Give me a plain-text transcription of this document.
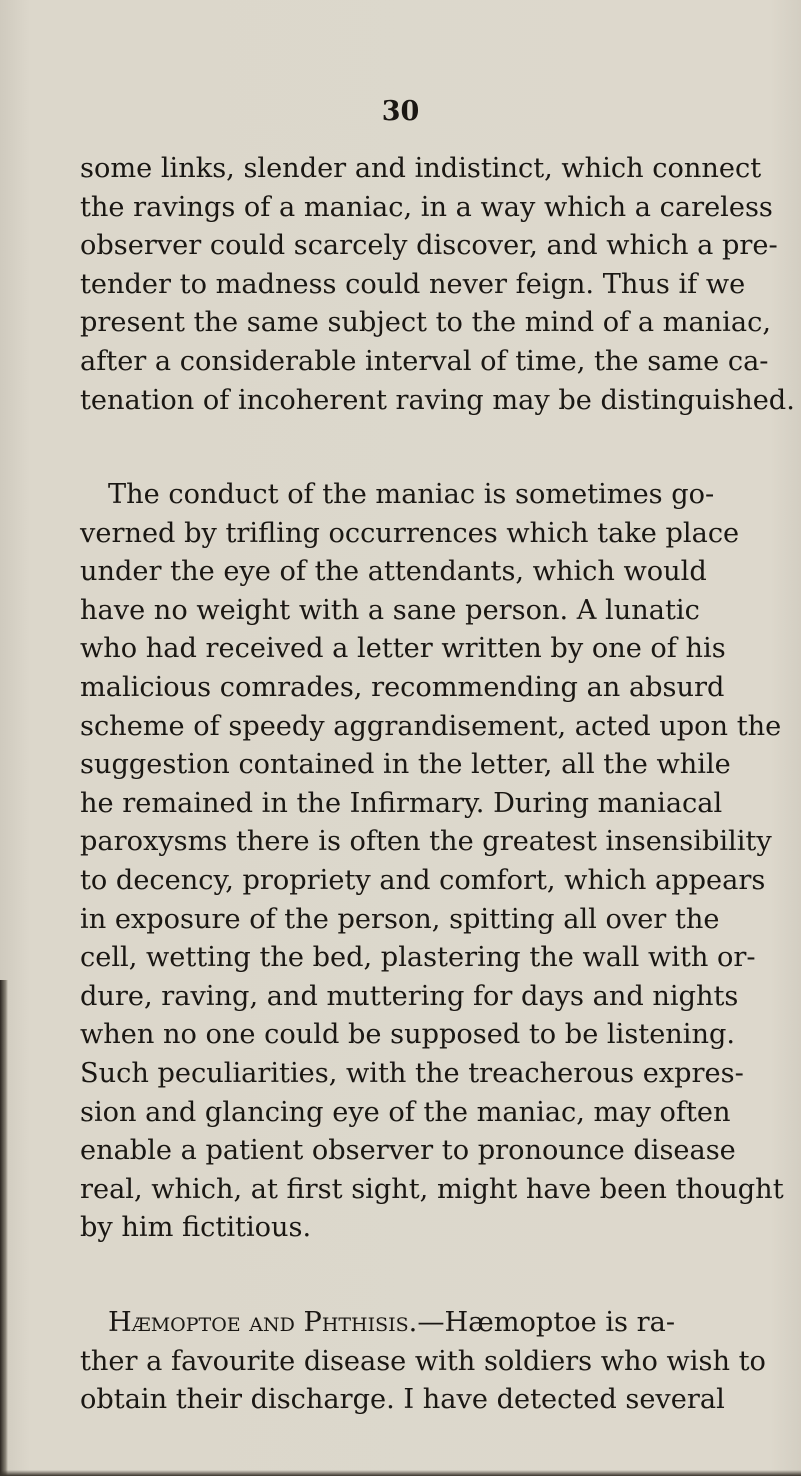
30
some links, slender and indistinct, which connect
the ravings of a maniac, in a way which a careless
observer could scarcely discover, and which a pre-
tender to madness could never feign. Thus if we
present the same subject to the mind of a maniac,
after a considerable interval of time, the same ca-
tenation of incoherent raving may be distinguished.
The conduct of the maniac is sometimes go-
verned by trifling occurrences which take place
under the eye of the attendants, which would
have no weight with a sane person. A lunatic
who had received a letter written by one of his
malicious comrades, recommending an absurd
scheme of speedy aggrandisement, acted upon the
suggestion contained in the letter, all the while
he remained in the Infirmary. During maniacal
paroxysms there is often the greatest insensibility
to decency, propriety and comfort, which appears
in exposure of the person, spitting all over the
cell, wetting the bed, plastering the wall with or-
dure, raving, and muttering for days and nights
when no one could be supposed to be listening.
Such peculiarities, with the treacherous expres-
sion and glancing eye of the maniac, may often
enable a patient observer to pronounce disease
real, which, at first sight, might have been thought
by him fictitious.
Hæmoptoe and Phthisis.—Hæmoptoe is ra-
ther a favourite disease with soldiers who wish to
obtain their discharge. I have detected several
